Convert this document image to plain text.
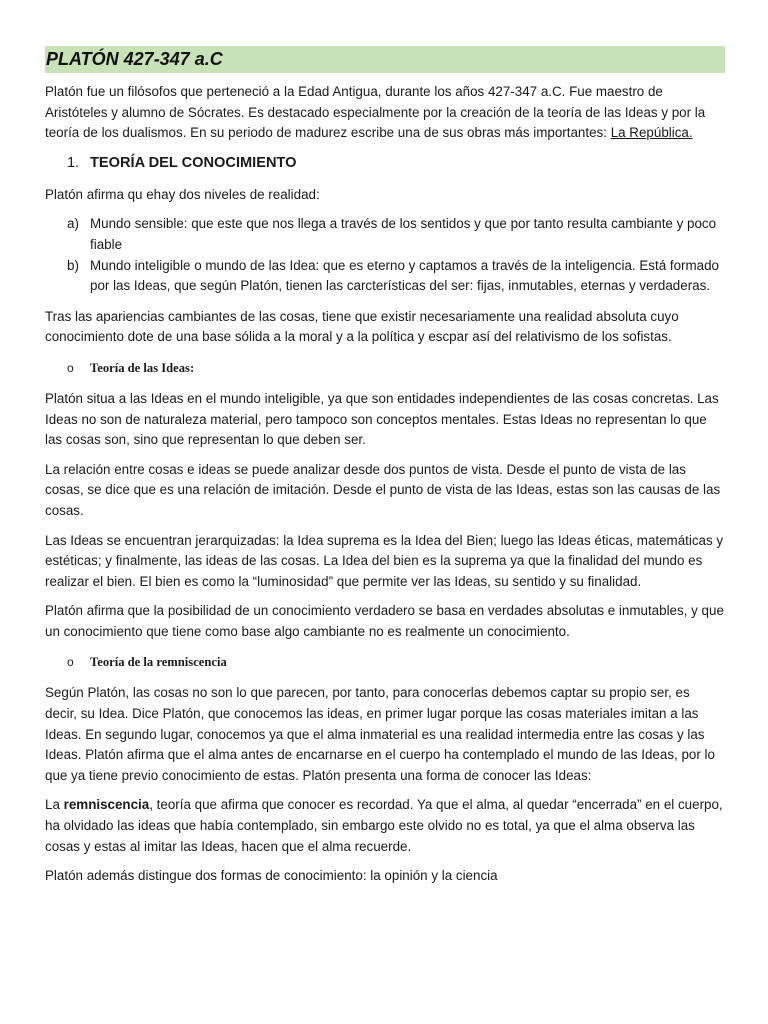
PLATÓN 427-347 a.C

Platón fue un filósofos que perteneció a la Edad Antigua, durante los años 427-347 a.C. Fue maestro de Aristóteles y alumno de Sócrates. Es destacado especialmente por la creación de la teoría de las Ideas y por la teoría de los dualismos. En su periodo de madurez escribe una de sus obras más importantes: La República.

1. TEORÍA DEL CONOCIMIENTO

Platón afirma qu ehay dos niveles de realidad:

a) Mundo sensible: que este que nos llega a través de los sentidos y que por tanto resulta cambiante y poco fiable
b) Mundo inteligible o mundo de las Idea: que es eterno y captamos a través de la inteligencia. Está formado por las Ideas, que según Platón, tienen las carcterísticas del ser: fijas, inmutables, eternas y verdaderas.

Tras las apariencias cambiantes de las cosas, tiene que existir necesariamente una realidad absoluta cuyo conocimiento dote de una base sólida a la moral y a la política y escpar así del relativismo de los sofistas.

o	Teoría de las Ideas:

Platón situa a las Ideas en el mundo inteligible, ya que son entidades independientes de las cosas concretas. Las Ideas no son de naturaleza material, pero tampoco son conceptos mentales. Estas Ideas no representan lo que las cosas son, sino que representan lo que deben ser.

La relación entre cosas e ideas se puede analizar desde dos puntos de vista. Desde el punto de vista de las cosas, se dice que es una relación de imitación. Desde el punto de vista de las Ideas, estas son las causas de las cosas.

Las Ideas se encuentran jerarquizadas: la Idea suprema es la Idea del Bien; luego las Ideas éticas, matemáticas y estéticas; y finalmente, las ideas de las cosas. La Idea del bien es la suprema ya que la finalidad del mundo es realizar el bien. El bien es como la “luminosidad” que permite ver las Ideas, su sentido y su finalidad.

Platón afirma que la posibilidad de un conocimiento verdadero se basa en verdades absolutas e inmutables, y que un conocimiento que tiene como base algo cambiante no es realmente un conocimiento.

o	Teoría de la remniscencia

Según Platón, las cosas no son lo que parecen, por tanto, para conocerlas debemos captar su propio ser, es decir, su Idea. Dice Platón, que conocemos las ideas, en primer lugar porque las cosas materiales imitan a las Ideas. En segundo lugar, conocemos ya que el alma inmaterial es una realidad intermedia entre las cosas y las Ideas. Platón afirma que el alma antes de encarnarse en el cuerpo ha contemplado el mundo de las Ideas, por lo que ya tiene previo conocimiento de estas. Platón presenta una forma de conocer las Ideas:

La remniscencia, teoría que afirma que conocer es recordad. Ya que el alma, al quedar “encerrada” en el cuerpo, ha olvidado las ideas que había contemplado, sin embargo este olvido no es total, ya que el alma observa las cosas y estas al imitar las Ideas, hacen que el alma recuerde.

Platón además distingue dos formas de conocimiento: la opinión y la ciencia
